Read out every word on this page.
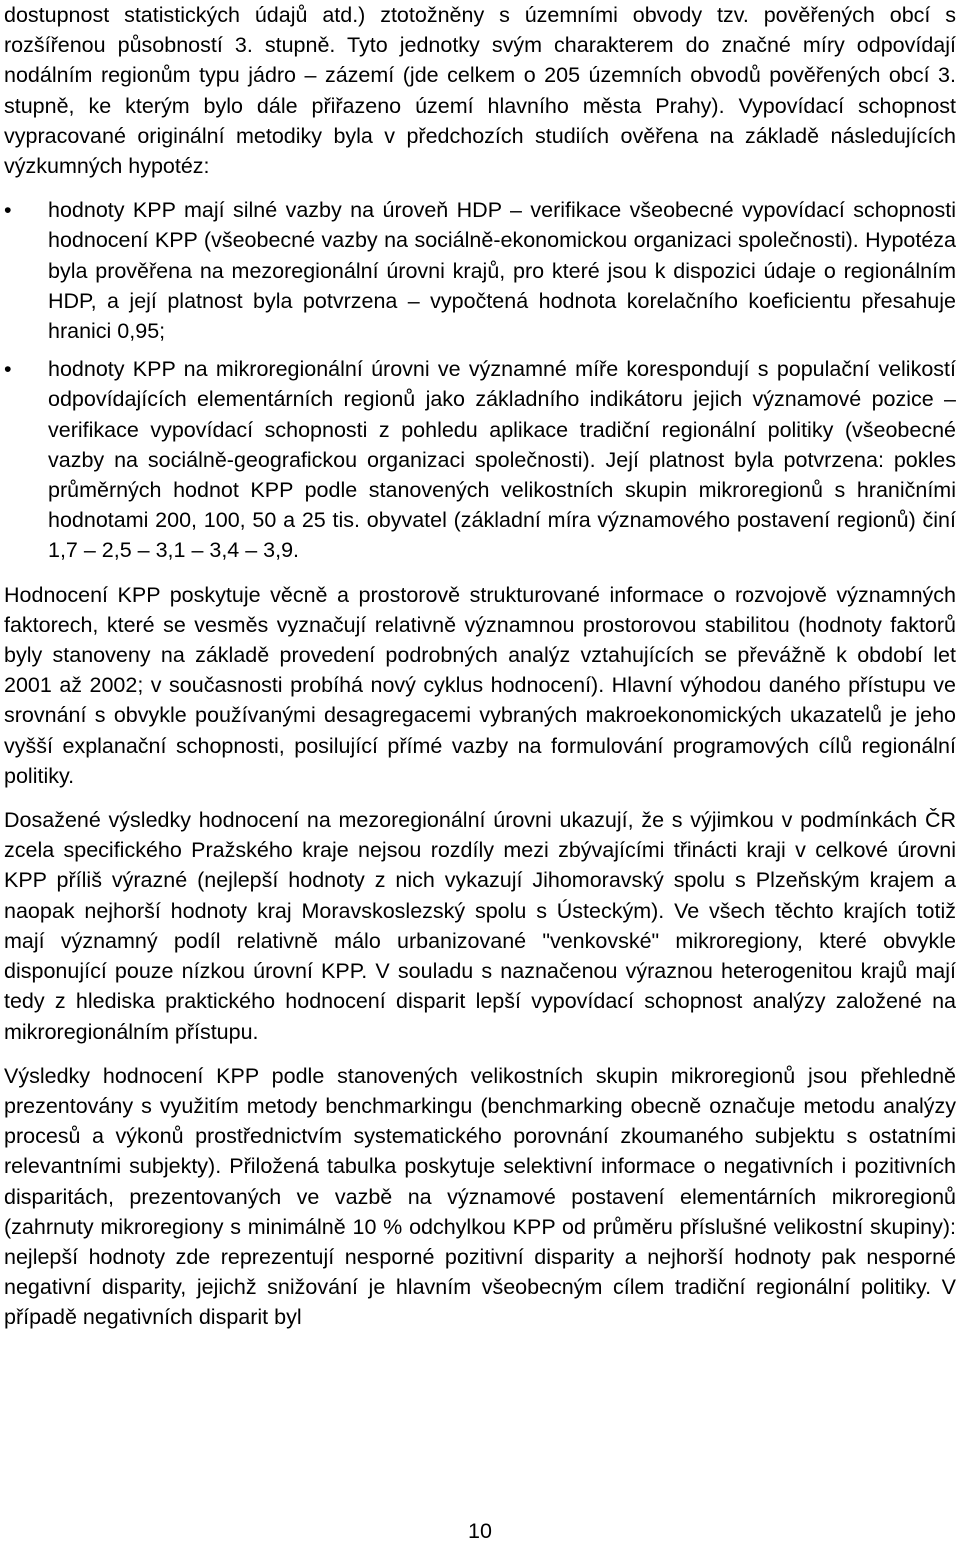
dostupnost statistických údajů atd.) ztotožněny s územními obvody tzv. pověřených obcí s rozšířenou působností 3. stupně. Tyto jednotky svým charakterem do značné míry odpovídají nodálním regionům typu jádro – zázemí (jde celkem o 205 územních obvodů pověřených obcí 3. stupně, ke kterým bylo dále přiřazeno území hlavního města Prahy). Vypovídací schopnost vypracované originální metodiky byla v předchozích studiích ověřena na základě následujících výzkumných hypotéz:

•	hodnoty KPP mají silné vazby na úroveň HDP – verifikace všeobecné vypovídací schopnosti hodnocení KPP (všeobecné vazby na sociálně-ekonomickou organizaci společnosti). Hypotéza byla prověřena na mezoregionální úrovni krajů, pro které jsou k dispozici údaje o regionálním HDP, a její platnost byla potvrzena – vypočtená hodnota korelačního koeficientu přesahuje hranici 0,95;
•	hodnoty KPP na mikroregionální úrovni ve významné míře korespondují s populační velikostí odpovídajících elementárních regionů jako základního indikátoru jejich významové pozice – verifikace vypovídací schopnosti z pohledu aplikace tradiční regionální politiky (všeobecné vazby na sociálně-geografickou organizaci společnosti). Její platnost byla potvrzena: pokles průměrných hodnot KPP podle stanovených velikostních skupin mikroregionů s hraničními hodnotami 200, 100, 50 a 25 tis. obyvatel (základní míra významového postavení regionů) činí 1,7 – 2,5 – 3,1 – 3,4 – 3,9.

Hodnocení KPP poskytuje věcně a prostorově strukturované informace o rozvojově významných faktorech, které se vesměs vyznačují relativně významnou prostorovou stabilitou (hodnoty faktorů byly stanoveny na základě provedení podrobných analýz vztahujících se převážně k období let 2001 až 2002; v současnosti probíhá nový cyklus hodnocení). Hlavní výhodou daného přístupu ve srovnání s obvykle používanými desagregacemi vybraných makroekonomických ukazatelů je jeho vyšší explanační schopnosti, posilující přímé vazby na formulování programových cílů regionální politiky.

Dosažené výsledky hodnocení na mezoregionální úrovni ukazují, že s výjimkou v podmínkách ČR zcela specifického Pražského kraje nejsou rozdíly mezi zbývajícími třinácti kraji v celkové úrovni KPP příliš výrazné (nejlepší hodnoty z nich vykazují Jihomoravský spolu s Plzeňským krajem a naopak nejhorší hodnoty kraj Moravskoslezský spolu s Ústeckým). Ve všech těchto krajích totiž mají významný podíl relativně málo urbanizované "venkovské" mikroregiony, které obvykle disponující pouze nízkou úrovní KPP. V souladu s naznačenou výraznou heterogenitou krajů mají tedy z hlediska praktického hodnocení disparit lepší vypovídací schopnost analýzy založené na mikroregionálním přístupu.

Výsledky hodnocení KPP podle stanovených velikostních skupin mikroregionů jsou přehledně prezentovány s využitím metody benchmarkingu (benchmarking obecně označuje metodu analýzy procesů a výkonů prostřednictvím systematického porovnání zkoumaného subjektu s ostatními relevantními subjekty). Přiložená tabulka poskytuje selektivní informace o negativních i pozitivních disparitách, prezentovaných ve vazbě na významové postavení elementárních mikroregionů (zahrnuty mikroregiony s minimálně 10 % odchylkou KPP od průměru příslušné velikostní skupiny): nejlepší hodnoty zde reprezentují nesporné pozitivní disparity a nejhorší hodnoty pak nesporné negativní disparity, jejichž snižování je hlavním všeobecným cílem tradiční regionální politiky. V případě negativních disparit byl

10
